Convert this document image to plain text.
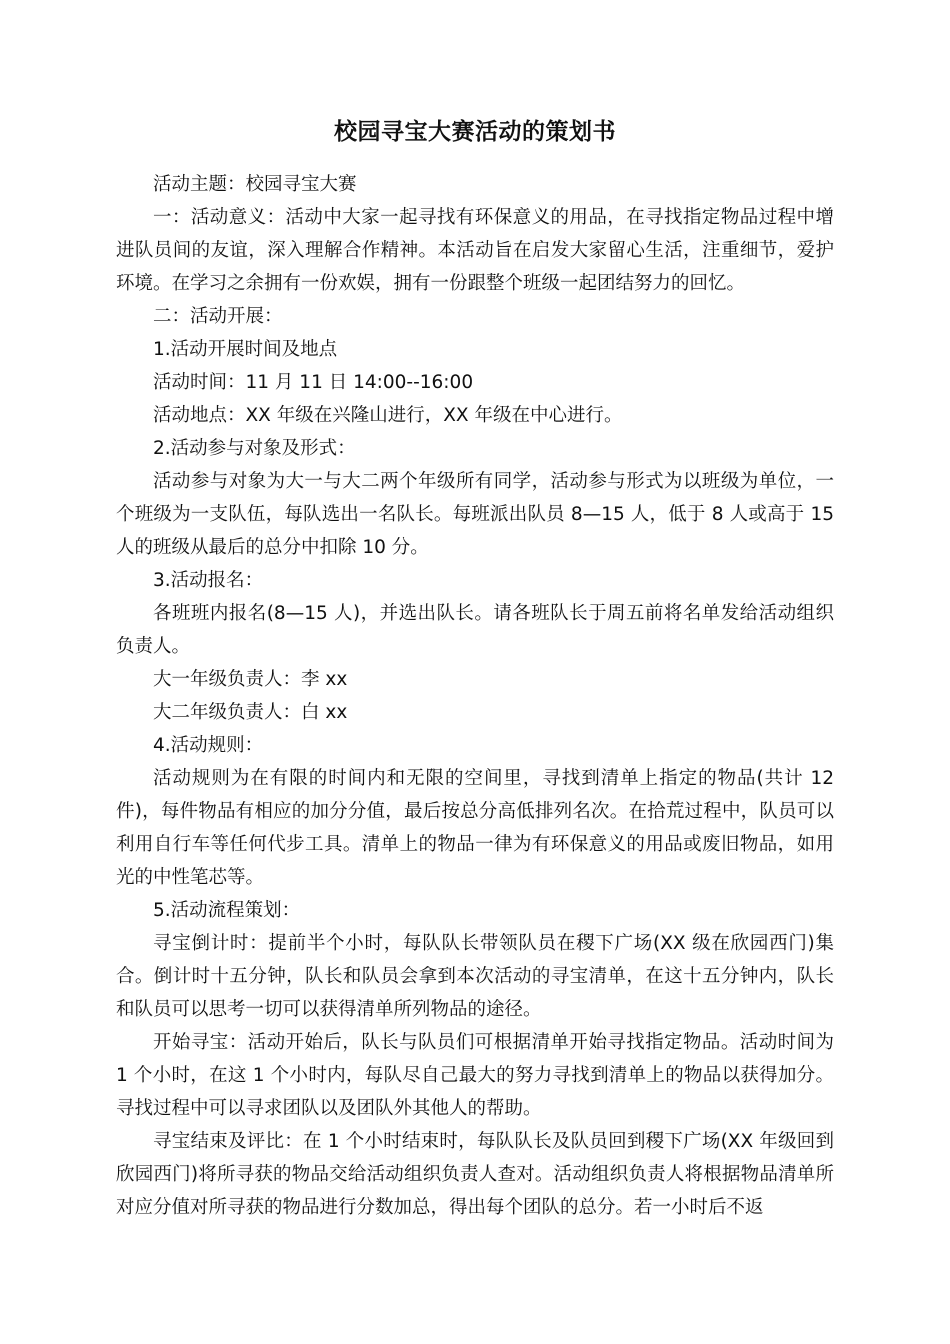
校园寻宝大赛活动的策划书

活动主题：校园寻宝大赛

一：活动意义：活动中大家一起寻找有环保意义的用品，在寻找指定物品过程中增进队员间的友谊，深入理解合作精神。本活动旨在启发大家留心生活，注重细节，爱护环境。在学习之余拥有一份欢娱，拥有一份跟整个班级一起团结努力的回忆。

二：活动开展：

1.活动开展时间及地点

活动时间：11 月 11 日 14:00--16:00

活动地点：XX 年级在兴隆山进行，XX 年级在中心进行。

2.活动参与对象及形式：

活动参与对象为大一与大二两个年级所有同学，活动参与形式为以班级为单位，一个班级为一支队伍，每队选出一名队长。每班派出队员 8—15 人，低于 8 人或高于 15 人的班级从最后的总分中扣除 10 分。

3.活动报名：

各班班内报名(8—15 人)，并选出队长。请各班队长于周五前将名单发给活动组织负责人。

大一年级负责人：李 xx

大二年级负责人：白 xx

4.活动规则：

活动规则为在有限的时间内和无限的空间里，寻找到清单上指定的物品(共计 12 件)，每件物品有相应的加分分值，最后按总分高低排列名次。在拾荒过程中，队员可以利用自行车等任何代步工具。清单上的物品一律为有环保意义的用品或废旧物品，如用光的中性笔芯等。

5.活动流程策划：

寻宝倒计时：提前半个小时，每队队长带领队员在稷下广场(XX 级在欣园西门)集合。倒计时十五分钟，队长和队员会拿到本次活动的寻宝清单，在这十五分钟内，队长和队员可以思考一切可以获得清单所列物品的途径。

开始寻宝：活动开始后，队长与队员们可根据清单开始寻找指定物品。活动时间为 1 个小时，在这 1 个小时内，每队尽自己最大的努力寻找到清单上的物品以获得加分。寻找过程中可以寻求团队以及团队外其他人的帮助。

寻宝结束及评比：在 1 个小时结束时，每队队长及队员回到稷下广场(XX 年级回到欣园西门)将所寻获的物品交给活动组织负责人查对。活动组织负责人将根据物品清单所对应分值对所寻获的物品进行分数加总，得出每个团队的总分。若一小时后不返
